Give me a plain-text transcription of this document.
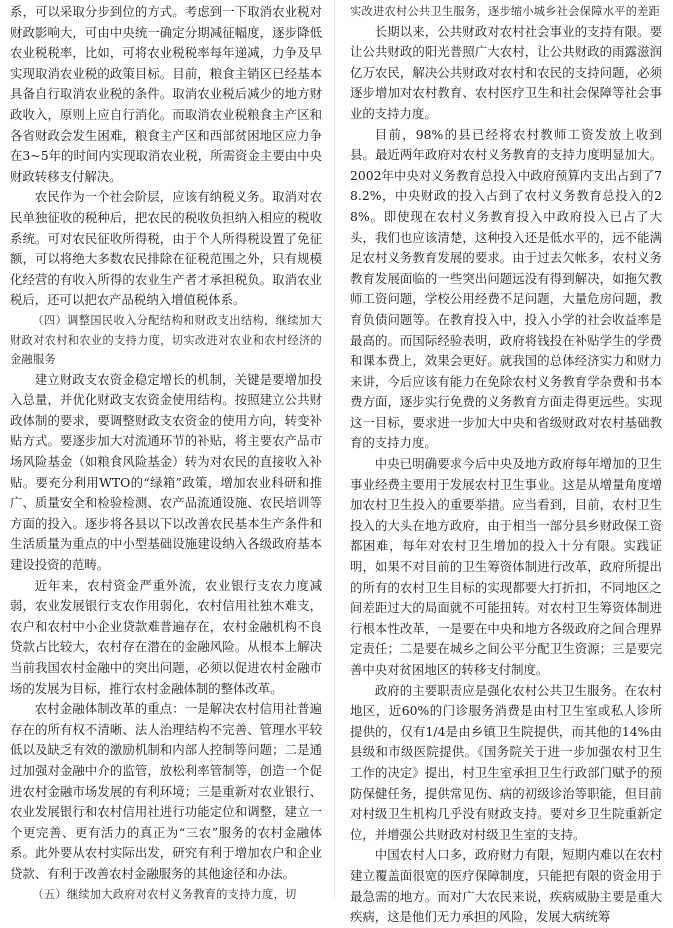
系，可以采取分步到位的方式。考虑到一下取消农业税对财政影响大，可由中央统一确定分期减征幅度，逐步降低农业税税率，比如，可将农业税税率每年递减，力争及早实现取消农业税的政策目标。目前，粮食主销区已经基本具备自行取消农业税的条件。取消农业税后减少的地方财政收入，原则上应自行消化。而取消农业税粮食主产区和各省财政会发生困难，粮食主产区和西部贫困地区应力争在3~5年的时间内实现取消农业税，所需资金主要由中央财政转移支付解决。

农民作为一个社会阶层，应该有纳税义务。取消对农民单独征收的税种后，把农民的税收负担纳入相应的税收系统。可对农民征收所得税，由于个人所得税设置了免征额，可以将绝大多数农民排除在征税范围之外，只有规模化经营的有收入所得的农业生产者才承担税负。取消农业税后，还可以把农产品税纳入增值税体系。

（四）调整国民收入分配结构和财政支出结构，继续加大财政对农村和农业的支持力度，切实改进对农业和农村经济的金融服务

建立财政支农资金稳定增长的机制，关键是要增加投入总量，并优化财政支农资金使用结构。按照建立公共财政体制的要求，要调整财政支农资金的使用方向，转变补贴方式。要逐步加大对流通环节的补贴，将主要农产品市场风险基金（如粮食风险基金）转为对农民的直接收入补贴。要充分利用WTO的“绿箱”政策，增加农业科研和推广、质量安全和检验检测、农产品流通设施、农民培训等方面的投入。逐步将各县以下以改善农民基本生产条件和生活质量为重点的中小型基础设施建设纳入各级政府基本建设投资的范畴。

近年来，农村资金严重外流，农业银行支农力度减弱，农业发展银行支农作用弱化，农村信用社独木难支，农户和农村中小企业贷款难普遍存在，农村金融机构不良贷款占比较大，农村存在潜在的金融风险。从根本上解决当前我国农村金融中的突出问题，必须以促进农村金融市场的发展为目标，推行农村金融体制的整体改革。

农村金融体制改革的重点：一是解决农村信用社普遍存在的所有权不清晰、法人治理结构不完善、管理水平较低以及缺乏有效的激励机制和内部人控制等问题；二是通过加强对金融中介的监管，放松利率管制等，创造一个促进农村金融市场发展的有利环境；三是重新对农业银行、农业发展银行和农村信用社进行功能定位和调整，建立一个更完善、更有活力的真正为“三农”服务的农村金融体系。此外要从农村实际出发，研究有利于增加农户和企业贷款、有利于改善农村金融服务的其他途径和办法。

（五）继续加大政府对农村义务教育的支持力度，切

实改进农村公共卫生服务，逐步缩小城乡社会保障水平的差距

长期以来，公共财政对农村社会事业的支持有限。要让公共财政的阳光普照广大农村，让公共财政的雨露滋润亿万农民，解决公共财政对农村和农民的支持问题，必须逐步增加对农村教育、农村医疗卫生和社会保障等社会事业的支持力度。

目前，98%的县已经将农村教师工资发放上收到县。最近两年政府对农村义务教育的支持力度明显加大。2002年中央对义务教育总投入中政府预算内支出占到了78.2%，中央财政的投入占到了农村义务教育总投入的28%。即使现在农村义务教育投入中政府投入已占了大头，我们也应该清楚，这种投入还是低水平的，远不能满足农村义务教育发展的要求。由于过去欠帐多，农村义务教育发展面临的一些突出问题远没有得到解决，如拖欠教师工资问题，学校公用经费不足问题，大量危房问题，教育负债问题等。在教育投入中，投入小学的社会收益率是最高的。而国际经验表明，政府将钱投在补贴学生的学费和课本费上，效果会更好。就我国的总体经济实力和财力来讲，今后应该有能力在免除农村义务教育学杂费和书本费方面，逐步实行免费的义务教育方面走得更远些。实现这一目标，要求进一步加大中央和省级财政对农村基础教育的支持力度。

中央已明确要求今后中央及地方政府每年增加的卫生事业经费主要用于发展农村卫生事业。这是从增量角度增加农村卫生投入的重要举措。应当看到，目前，农村卫生投入的大头在地方政府，由于相当一部分县乡财政保工资都困难，每年对农村卫生增加的投入十分有限。实践证明，如果不对目前的卫生筹资体制进行改革，政府所提出的所有的农村卫生目标的实现都要大打折扣，不同地区之间差距过大的局面就不可能扭转。对农村卫生筹资体制进行根本性改革，一是要在中央和地方各级政府之间合理界定责任；二是要在城乡之间公平分配卫生资源；三是要完善中央对贫困地区的转移支付制度。

政府的主要职责应是强化农村公共卫生服务。在农村地区，近60%的门诊服务消费是由村卫生室或私人诊所提供的，仅有1/4是由乡镇卫生院提供，而其他的14%由县级和市级医院提供。《国务院关于进一步加强农村卫生工作的决定》提出，村卫生室承担卫生行政部门赋予的预防保健任务，提供常见伤、病的初级诊治等职能，但目前对村级卫生机构几乎没有财政支持。要对乡卫生院重新定位，并增强公共财政对村级卫生室的支持。

中国农村人口多，政府财力有限，短期内难以在农村建立覆盖面很宽的医疗保障制度，只能把有限的资金用于最急需的地方。而对广大农民来说，疾病威胁主要是重大疾病，这是他们无力承担的风险，发展大病统筹
